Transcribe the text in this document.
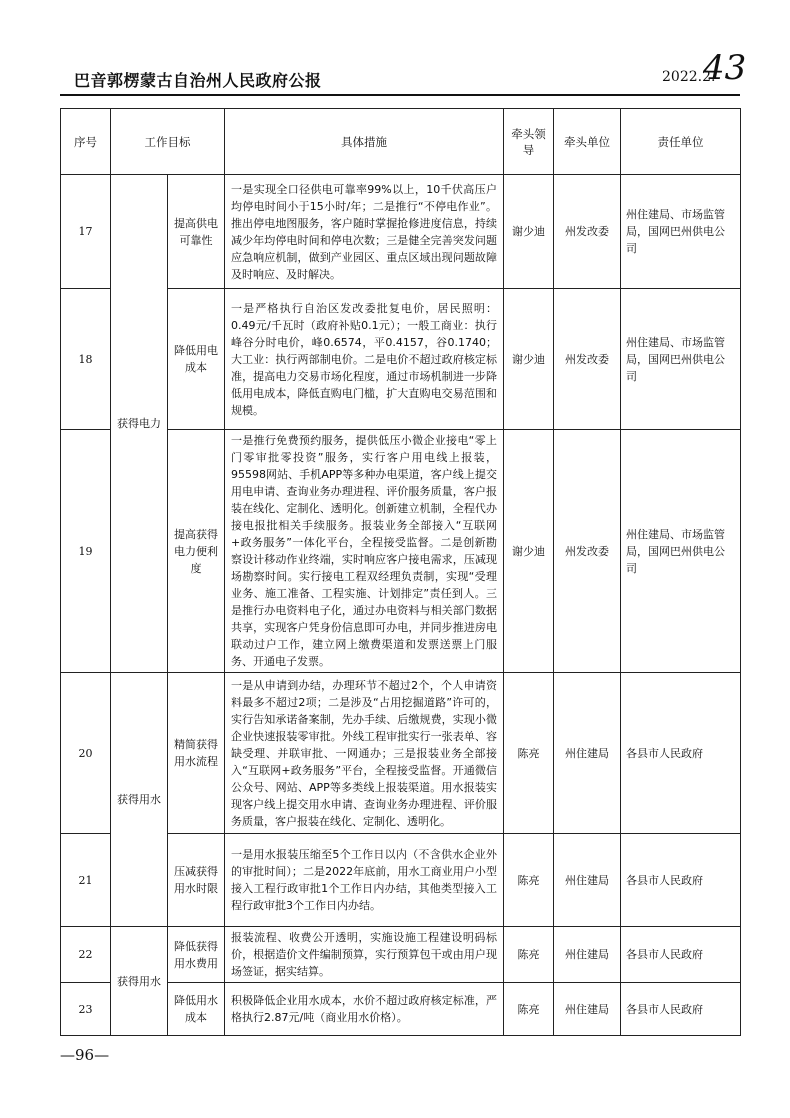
巴音郭楞蒙古自治州人民政府公报	2022.2.
43
序号	工作目标		具体措施	牵头领导	牵头单位	责任单位
17	获得电力	提高供电可靠性	一是实现全口径供电可靠率99%以上，10千伏高压户均停电时间小于15小时/年；二是推行“不停电作业”。推出停电地图服务，客户随时掌握抢修进度信息，持续减少年均停电时间和停电次数；三是健全完善突发问题应急响应机制，做到产业园区、重点区域出现问题故障及时响应、及时解决。	谢少迪	州发改委	州住建局、市场监管局，国网巴州供电公司
18		降低用电成本	一是严格执行自治区发改委批复电价，居民照明：0.49元/千瓦时（政府补贴0.1元）；一般工商业：执行峰谷分时电价，峰0.6574，平0.4157，谷0.1740；大工业：执行两部制电价。二是电价不超过政府核定标准，提高电力交易市场化程度，通过市场机制进一步降低用电成本，降低直购电门槛，扩大直购电交易范围和规模。	谢少迪	州发改委	州住建局、市场监管局，国网巴州供电公司
19		提高获得电力便利度	一是推行免费预约服务，提供低压小微企业接电“零上门零审批零投资”服务，实行客户用电线上报装，95598网站、手机APP等多种办电渠道，客户线上提交用电申请、查询业务办理进程、评价服务质量，客户报装在线化、定制化、透明化。创新建立机制，全程代办接电报批相关手续服务。报装业务全部接入“互联网+政务服务”一体化平台，全程接受监督。二是创新勘察设计移动作业终端，实时响应客户接电需求，压减现场勘察时间。实行接电工程双经理负责制，实现“受理业务、施工准备、工程实施、计划排定”责任到人。三是推行办电资料电子化，通过办电资料与相关部门数据共享，实现客户凭身份信息即可办电，并同步推进房电联动过户工作，建立网上缴费渠道和发票送票上门服务、开通电子发票。	谢少迪	州发改委	州住建局、市场监管局，国网巴州供电公司
20	获得用水	精简获得用水流程	一是从申请到办结，办理环节不超过2个，个人申请资料最多不超过2项；二是涉及“占用挖掘道路”许可的，实行告知承诺备案制，先办手续、后缴规费，实现小微企业快速报装零审批。外线工程审批实行一张表单、容缺受理、并联审批、一网通办；三是报装业务全部接入“互联网+政务服务”平台，全程接受监督。开通微信公众号、网站、APP等多类线上报装渠道。用水报装实现客户线上提交用水申请、查询业务办理进程、评价服务质量，客户报装在线化、定制化、透明化。	陈亮	州住建局	各县市人民政府
21		压减获得用水时限	一是用水报装压缩至5个工作日以内（不含供水企业外的审批时间）；二是2022年底前，用水工商业用户小型接入工程行政审批1个工作日内办结，其他类型接入工程行政审批3个工作日内办结。	陈亮	州住建局	各县市人民政府
22	获得用水	降低获得用水费用	报装流程、收费公开透明，实施设施工程建设明码标价，根据造价文件编制预算，实行预算包干或由用户现场签证，据实结算。	陈亮	州住建局	各县市人民政府
23		降低用水成本	积极降低企业用水成本，水价不超过政府核定标准，严格执行2.87元/吨（商业用水价格）。	陈亮	州住建局	各县市人民政府
—96—
